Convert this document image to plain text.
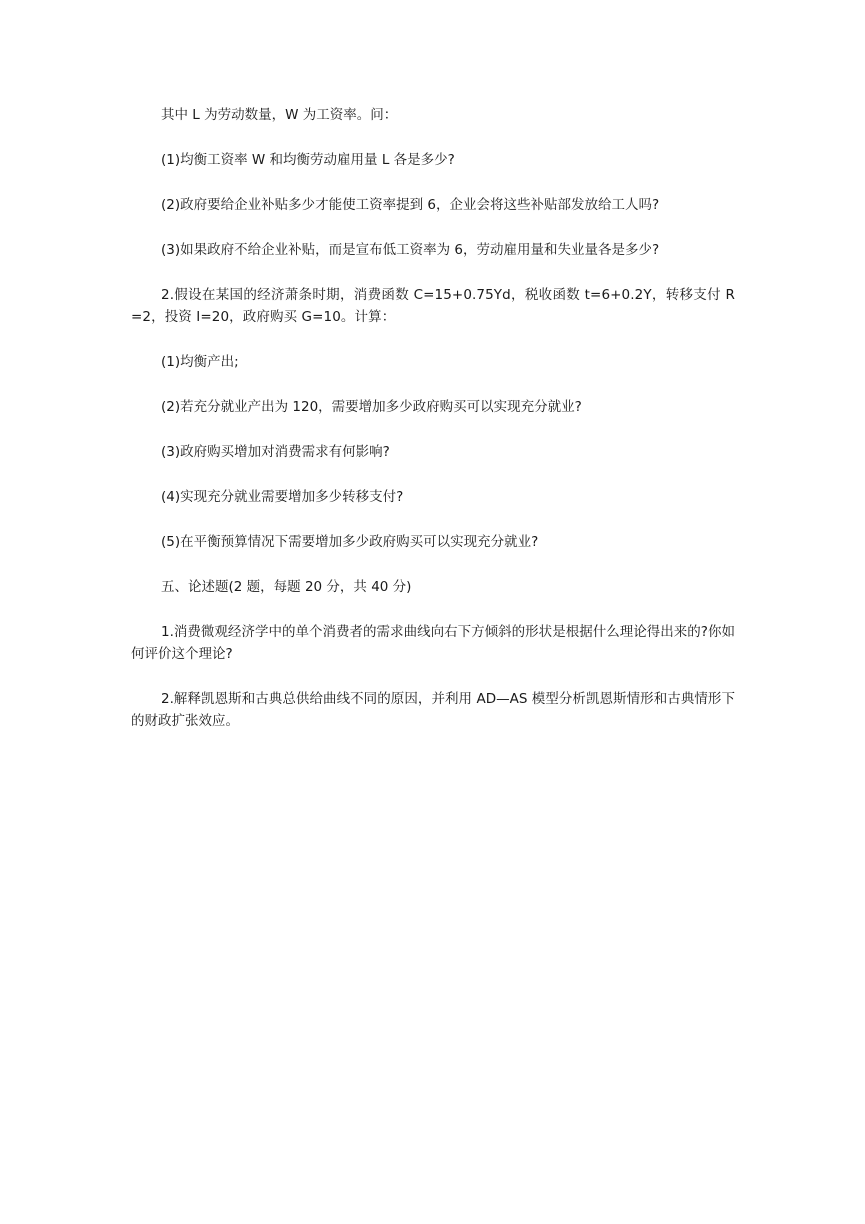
其中 L 为劳动数量，W 为工资率。问：

(1)均衡工资率 W 和均衡劳动雇用量 L 各是多少?

(2)政府要给企业补贴多少才能使工资率提到 6，企业会将这些补贴部发放给工人吗?

(3)如果政府不给企业补贴，而是宣布低工资率为 6，劳动雇用量和失业量各是多少?

2.假设在某国的经济萧条时期，消费函数 C=15+0.75Yd，税收函数 t=6+0.2Y，转移支付 R=2，投资 I=20，政府购买 G=10。计算：

(1)均衡产出;

(2)若充分就业产出为 120，需要增加多少政府购买可以实现充分就业?

(3)政府购买增加对消费需求有何影响?

(4)实现充分就业需要增加多少转移支付?

(5)在平衡预算情况下需要增加多少政府购买可以实现充分就业?

五、论述题(2 题，每题 20 分，共 40 分)

1.消费微观经济学中的单个消费者的需求曲线向右下方倾斜的形状是根据什么理论得出来的?你如何评价这个理论?

2.解释凯恩斯和古典总供给曲线不同的原因，并利用 AD—AS 模型分析凯恩斯情形和古典情形下的财政扩张效应。
